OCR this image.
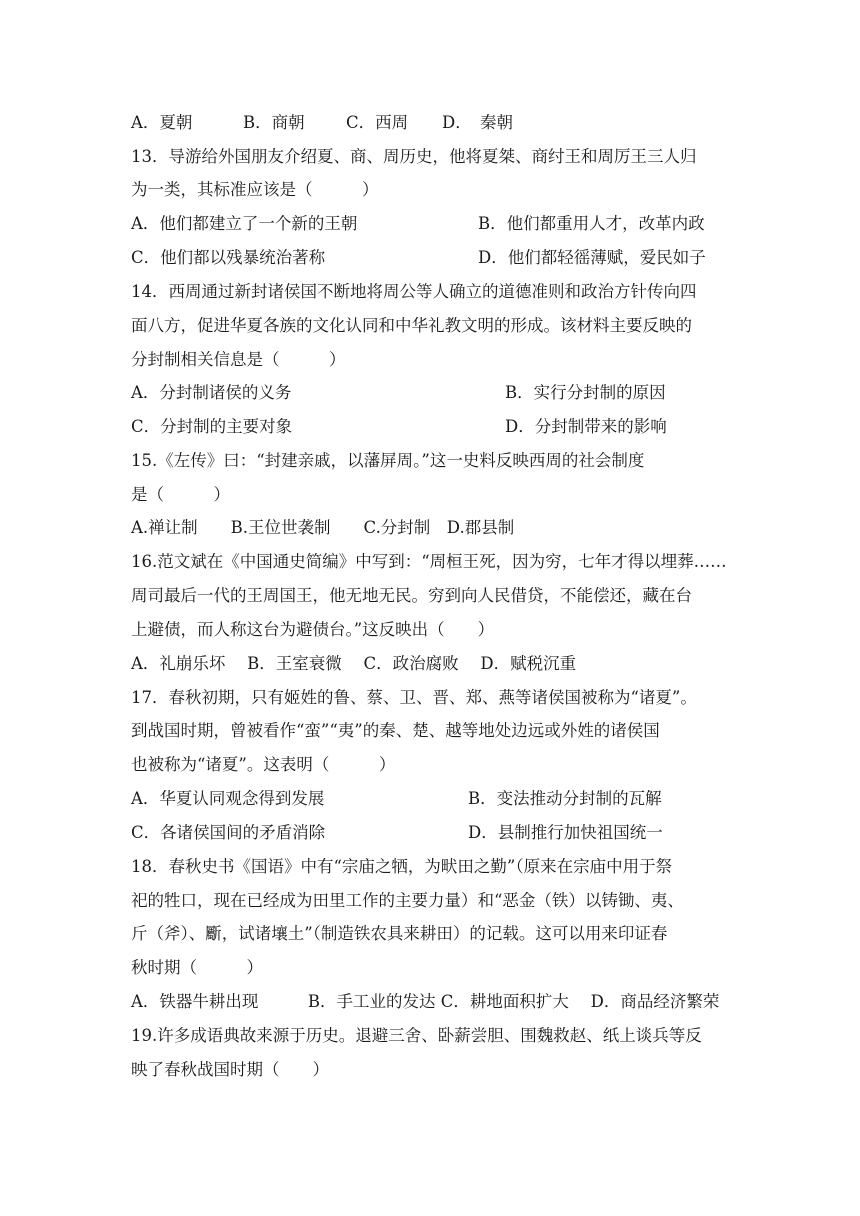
A．夏朝	B．商朝	C．西周 D．　秦朝
13．导游给外国朋友介绍夏、商、周历史，他将夏桀、商纣王和周厉王三人归
为一类，其标准应该是（　　　）
A．他们都建立了一个新的王朝	B．他们都重用人才，改革内政
C．他们都以残暴统治著称	D．他们都轻徭薄赋，爱民如子
14．西周通过新封诸侯国不断地将周公等人确立的道德准则和政治方针传向四
面八方，促进华夏各族的文化认同和中华礼教文明的形成。该材料主要反映的
分封制相关信息是（　　　）
A．分封制诸侯的义务	B．实行分封制的原因
C．分封制的主要对象	D．分封制带来的影响
15.《左传》曰：“封建亲戚，以藩屏周。”这一史料反映西周的社会制度
是（　　　）
A.禅让制　　B.王位世袭制　　C.分封制　D.郡县制
16.范文斌在《中国通史简编》中写到：“周桓王死，因为穷，七年才得以埋葬……
周司最后一代的王周国王，他无地无民。穷到向人民借贷，不能偿还，藏在台
上避债，而人称这台为避债台。”这反映出（　　）
A．礼崩乐坏　 B．王室衰微　 C．政治腐败　 D．赋税沉重
17．春秋初期，只有姬姓的鲁、蔡、卫、晋、郑、燕等诸侯国被称为“诸夏”。
到战国时期，曾被看作“蛮”“夷”的秦、楚、越等地处边远或外姓的诸侯国
也被称为“诸夏”。这表明（　　　）
A．华夏认同观念得到发展	B．变法推动分封制的瓦解
C．各诸侯国间的矛盾消除	D．县制推行加快祖国统一
18．春秋史书《国语》中有“宗庙之牺，为畎田之勤”（原来在宗庙中用于祭
祀的牲口，现在已经成为田里工作的主要力量）和“恶金（铁）以铸锄、夷、
斤（斧）、斸，试诸壤土”（制造铁农具来耕田）的记载。这可以用来印证春
秋时期（　　　）
A．铁器牛耕出现　　　B．手工业的发达 C．耕地面积扩大　 D．商品经济繁荣
19.许多成语典故来源于历史。退避三舍、卧薪尝胆、围魏救赵、纸上谈兵等反
映了春秋战国时期（　　）
